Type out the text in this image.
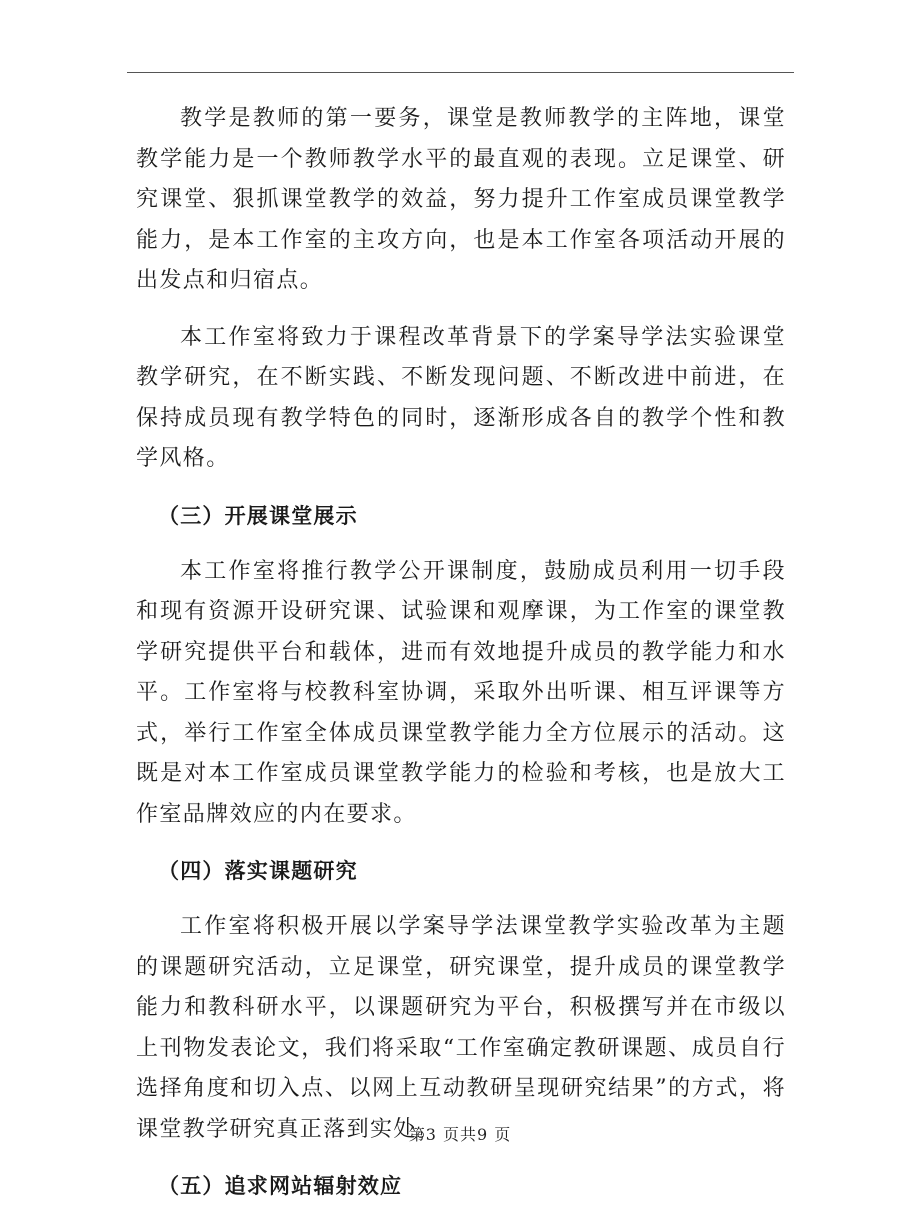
教学是教师的第一要务，课堂是教师教学的主阵地，课堂教学能力是一个教师教学水平的最直观的表现。立足课堂、研究课堂、狠抓课堂教学的效益，努力提升工作室成员课堂教学能力，是本工作室的主攻方向，也是本工作室各项活动开展的出发点和归宿点。

本工作室将致力于课程改革背景下的学案导学法实验课堂教学研究，在不断实践、不断发现问题、不断改进中前进，在保持成员现有教学特色的同时，逐渐形成各自的教学个性和教学风格。

（三）开展课堂展示

本工作室将推行教学公开课制度，鼓励成员利用一切手段和现有资源开设研究课、试验课和观摩课，为工作室的课堂教学研究提供平台和载体，进而有效地提升成员的教学能力和水平。工作室将与校教科室协调，采取外出听课、相互评课等方式，举行工作室全体成员课堂教学能力全方位展示的活动。这既是对本工作室成员课堂教学能力的检验和考核，也是放大工作室品牌效应的内在要求。

（四）落实课题研究

工作室将积极开展以学案导学法课堂教学实验改革为主题的课题研究活动，立足课堂，研究课堂，提升成员的课堂教学能力和教科研水平，以课题研究为平台，积极撰写并在市级以上刊物发表论文，我们将采取“工作室确定教研课题、成员自行选择角度和切入点、以网上互动教研呈现研究结果”的方式，将课堂教学研究真正落到实处。

（五）追求网站辐射效应
第3 页共9 页
